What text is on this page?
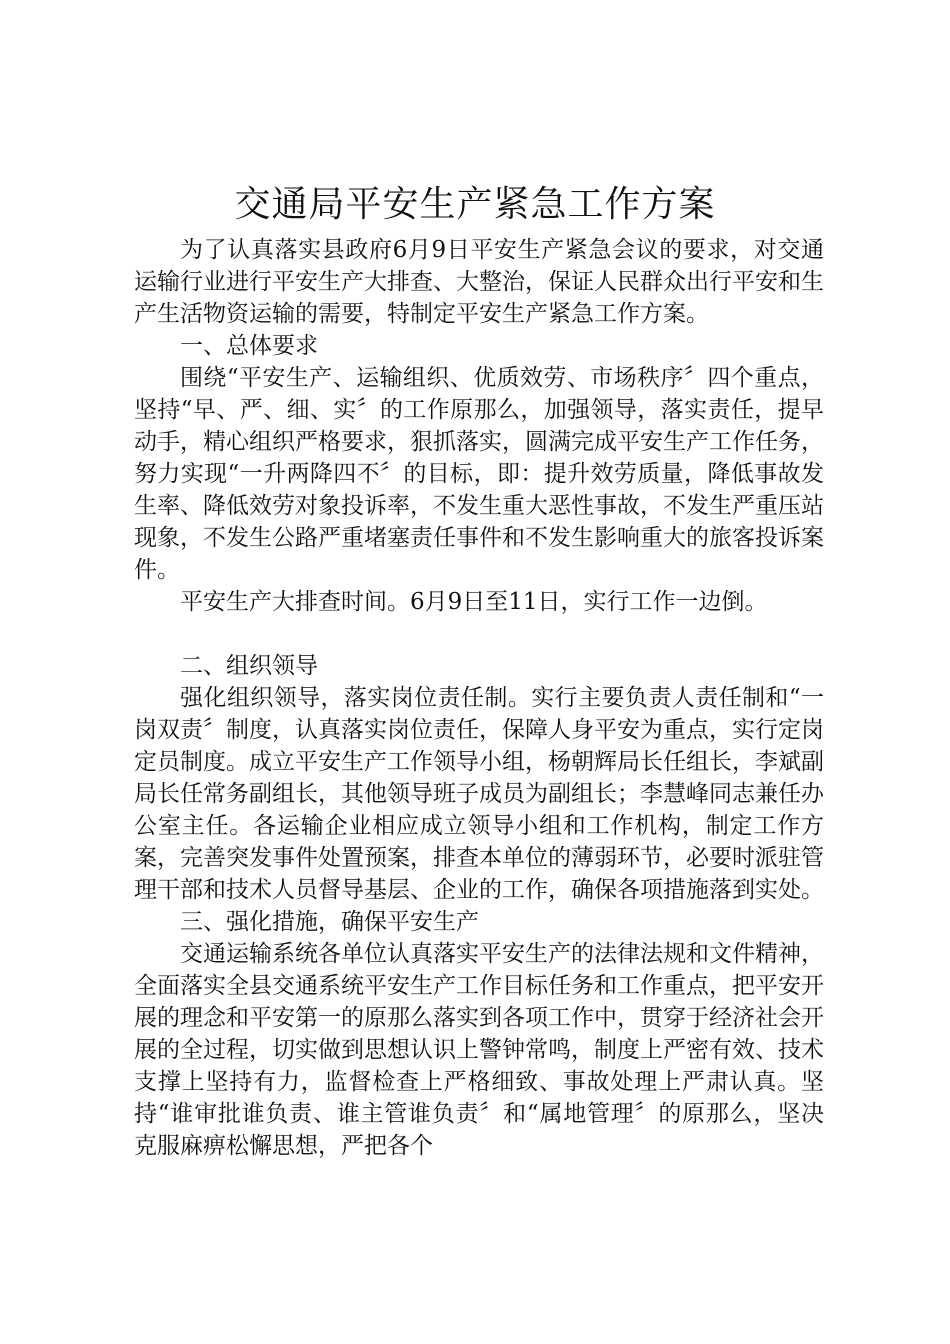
交通局平安生产紧急工作方案

为了认真落实县政府6月9日平安生产紧急会议的要求，对交通运输行业进行平安生产大排查、大整治，保证人民群众出行平安和生产生活物资运输的需要，特制定平安生产紧急工作方案。

一、总体要求

围绕“平安生产、运输组织、优质效劳、市场秩序〞四个重点，坚持“早、严、细、实〞的工作原那么，加强领导，落实责任，提早动手，精心组织严格要求，狠抓落实，圆满完成平安生产工作任务，努力实现“一升两降四不〞的目标，即：提升效劳质量，降低事故发生率、降低效劳对象投诉率，不发生重大恶性事故，不发生严重压站现象，不发生公路严重堵塞责任事件和不发生影响重大的旅客投诉案件。

平安生产大排查时间。6月9日至11日，实行工作一边倒。

二、组织领导

强化组织领导，落实岗位责任制。实行主要负责人责任制和“一岗双责〞制度，认真落实岗位责任，保障人身平安为重点，实行定岗定员制度。成立平安生产工作领导小组，杨朝辉局长任组长，李斌副局长任常务副组长，其他领导班子成员为副组长；李慧峰同志兼任办公室主任。各运输企业相应成立领导小组和工作机构，制定工作方案，完善突发事件处置预案，排查本单位的薄弱环节，必要时派驻管理干部和技术人员督导基层、企业的工作，确保各项措施落到实处。

三、强化措施，确保平安生产

交通运输系统各单位认真落实平安生产的法律法规和文件精神，全面落实全县交通系统平安生产工作目标任务和工作重点，把平安开展的理念和平安第一的原那么落实到各项工作中，贯穿于经济社会开展的全过程，切实做到思想认识上警钟常鸣，制度上严密有效、技术支撑上坚持有力，监督检查上严格细致、事故处理上严肃认真。坚持“谁审批谁负责、谁主管谁负责〞和“属地管理〞的原那么，坚决克服麻痹松懈思想，严把各个
